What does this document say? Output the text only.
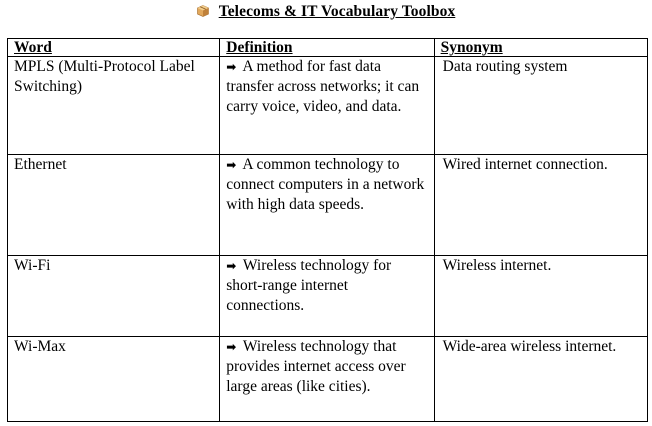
Telecoms & IT Vocabulary Toolbox
Word	Definition	Synonym
MPLS (Multi-Protocol Label Switching)	➡ A method for fast data transfer across networks; it can carry voice, video, and data.	Data routing system
Ethernet	➡ A common technology to connect computers in a network with high data speeds.	Wired internet connection.
Wi-Fi	➡ Wireless technology for short-range internet connections.	Wireless internet.
Wi-Max	➡ Wireless technology that provides internet access over large areas (like cities).	Wide-area wireless internet.
